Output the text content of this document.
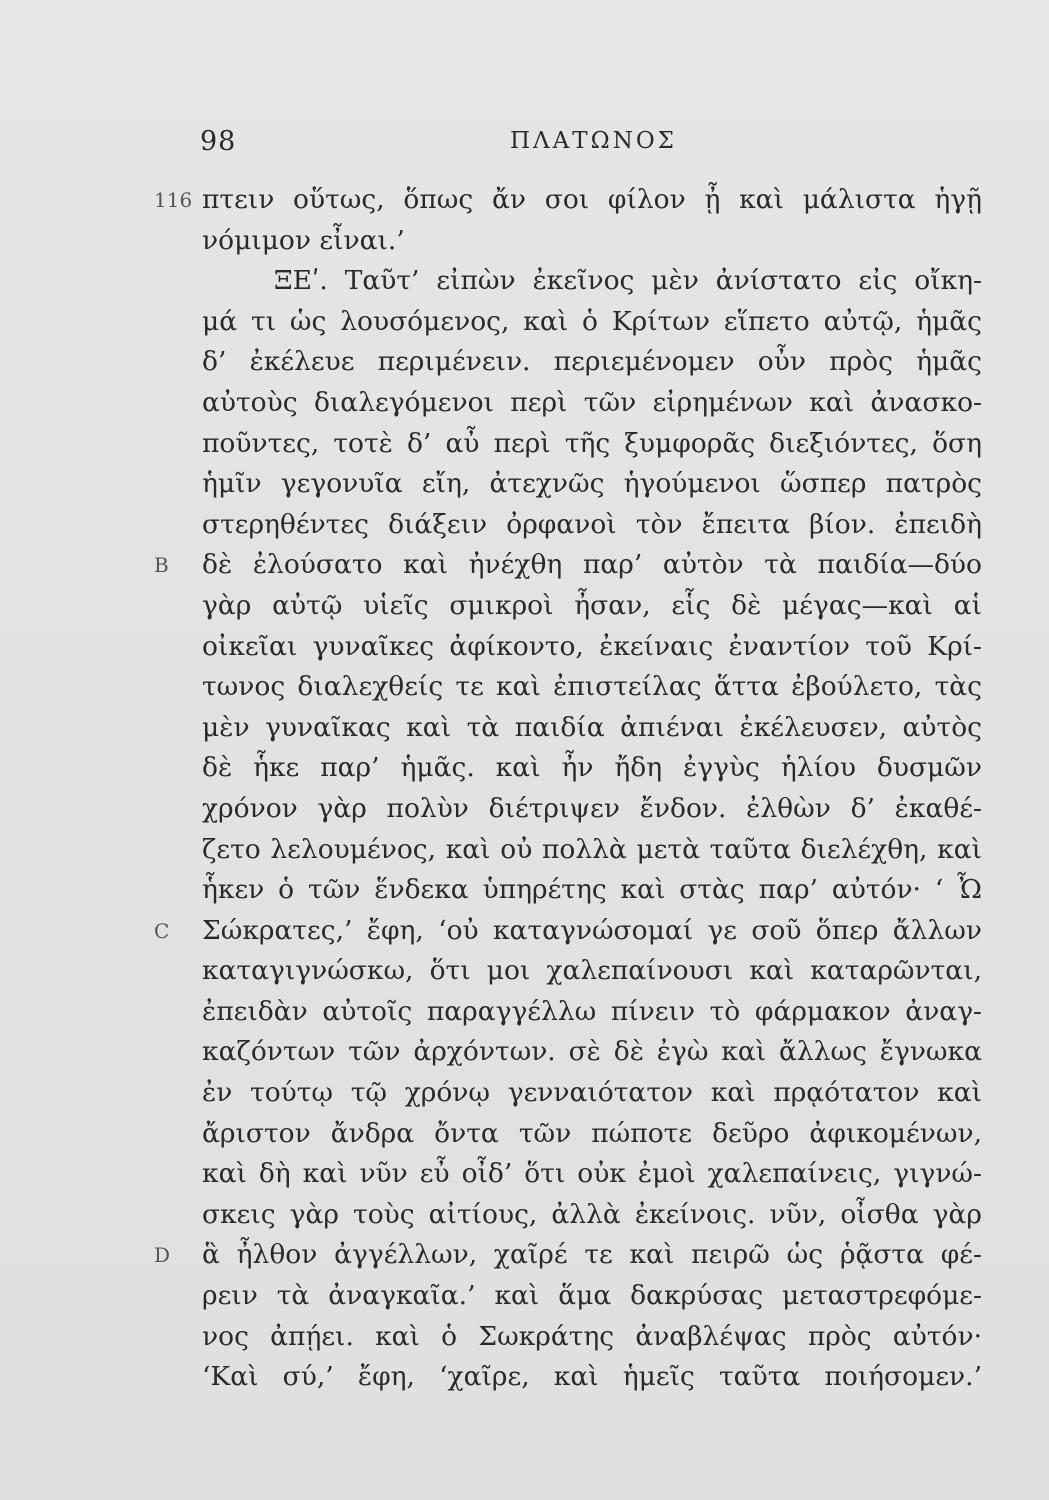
98	ΠΛΑΤΩΝΟΣ
πτειν οὕτως, ὅπως ἄν σοι φίλον ᾖ καὶ μάλιστα ἡγῇ
116
νόμιμον εἶναι.’
ΞΕʹ. Ταῦτ’ εἰπὼν ἐκεῖνος μὲν ἀνίστατο εἰς οἴκη-
μά τι ὡς λουσόμενος, καὶ ὁ Κρίτων εἵπετο αὐτῷ, ἡμᾶς
δ’ ἐκέλευε περιμένειν. περιεμένομεν οὖν πρὸς ἡμᾶς
αὐτοὺς διαλεγόμενοι περὶ τῶν εἰρημένων καὶ ἀνασκο-
ποῦντες, τοτὲ δ’ αὖ περὶ τῆς ξυμφορᾶς διεξιόντες, ὅση
ἡμῖν γεγονυῖα εἴη, ἀτεχνῶς ἡγούμενοι ὥσπερ πατρὸς
στερηθέντες διάξειν ὀρφανοὶ τὸν ἔπειτα βίον. ἐπειδὴ
δὲ ἐλούσατο καὶ ἠνέχθη παρ’ αὐτὸν τὰ παιδία—δύο
B
γὰρ αὐτῷ υἱεῖς σμικροὶ ἦσαν, εἷς δὲ μέγας—καὶ αἱ
οἰκεῖαι γυναῖκες ἀφίκοντο, ἐκείναις ἐναντίον τοῦ Κρί-
τωνος διαλεχθείς τε καὶ ἐπιστείλας ἅττα ἐβούλετο, τὰς
μὲν γυναῖκας καὶ τὰ παιδία ἀπιέναι ἐκέλευσεν, αὐτὸς
δὲ ἧκε παρ’ ἡμᾶς. καὶ ἦν ἤδη ἐγγὺς ἡλίου δυσμῶν
χρόνον γὰρ πολὺν διέτριψεν ἔνδον. ἐλθὼν δ’ ἐκαθέ-
ζετο λελουμένος, καὶ οὐ πολλὰ μετὰ ταῦτα διελέχθη, καὶ
ἧκεν ὁ τῶν ἕνδεκα ὑπηρέτης καὶ στὰς παρ’ αὐτόν· ‘ Ὦ
Σώκρατες,’ ἔφη, ‘οὐ καταγνώσομαί γε σοῦ ὅπερ ἄλλων
C
καταγιγνώσκω, ὅτι μοι χαλεπαίνουσι καὶ καταρῶνται,
ἐπειδὰν αὐτοῖς παραγγέλλω πίνειν τὸ φάρμακον ἀναγ-
καζόντων τῶν ἀρχόντων. σὲ δὲ ἐγὼ καὶ ἄλλως ἔγνωκα
ἐν τούτῳ τῷ χρόνῳ γενναιότατον καὶ πρᾳότατον καὶ
ἄριστον ἄνδρα ὄντα τῶν πώποτε δεῦρο ἀφικομένων,
καὶ δὴ καὶ νῦν εὖ οἶδ’ ὅτι οὐκ ἐμοὶ χαλεπαίνεις, γιγνώ-
σκεις γὰρ τοὺς αἰτίους, ἀλλὰ ἐκείνοις. νῦν, οἶσθα γὰρ
ἃ ἦλθον ἀγγέλλων, χαῖρέ τε καὶ πειρῶ ὡς ῥᾷστα φέ-
D
ρειν τὰ ἀναγκαῖα.’ καὶ ἅμα δακρύσας μεταστρεφόμε-
νος ἀπῄει. καὶ ὁ Σωκράτης ἀναβλέψας πρὸς αὐτόν·
‘Καὶ σύ,’ ἔφη, ‘χαῖρε, καὶ ἡμεῖς ταῦτα ποιήσομεν.’
